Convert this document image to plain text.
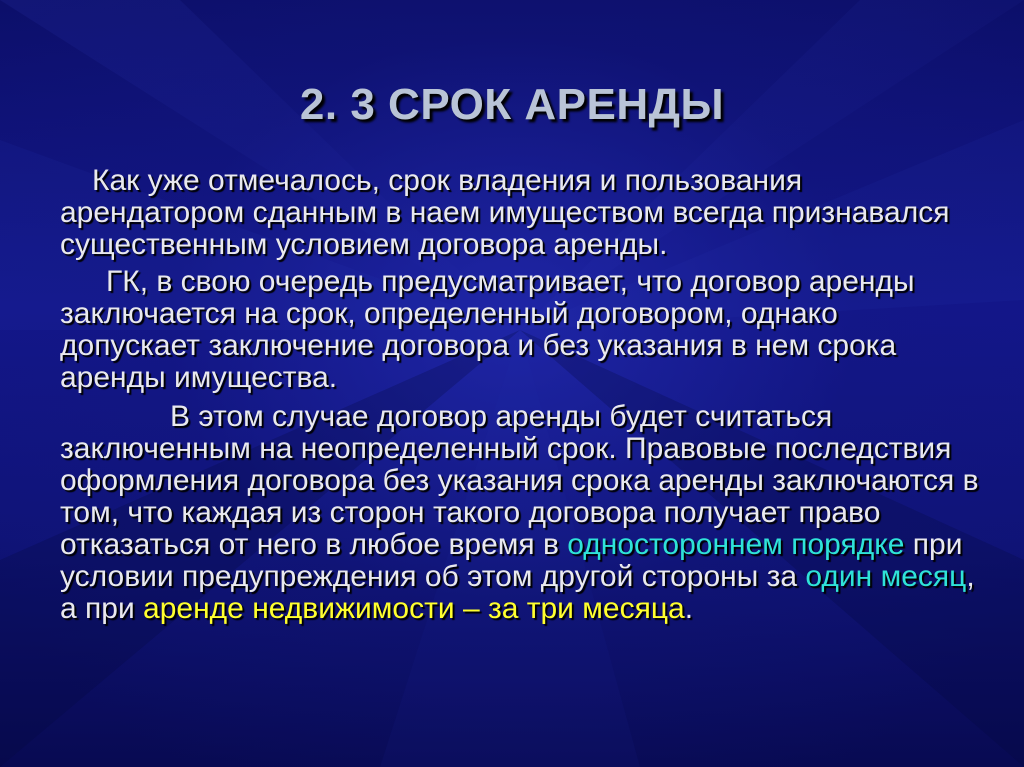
2. 3 СРОК АРЕНДЫ

Как уже отмечалось, срок владения и пользования арендатором сданным в наем имуществом всегда признавался существенным условием договора аренды.

ГК, в свою очередь предусматривает, что договор аренды заключается на срок, определенный договором, однако допускает заключение договора и без указания в нем срока аренды имущества.

В этом случае договор аренды будет считаться заключенным на неопределенный срок. Правовые последствия оформления договора без указания срока аренды заключаются в том, что каждая из сторон такого договора получает право отказаться от него в любое время в одностороннем порядке при условии предупреждения об этом другой стороны за один месяц, а при аренде недвижимости – за три месяца.
